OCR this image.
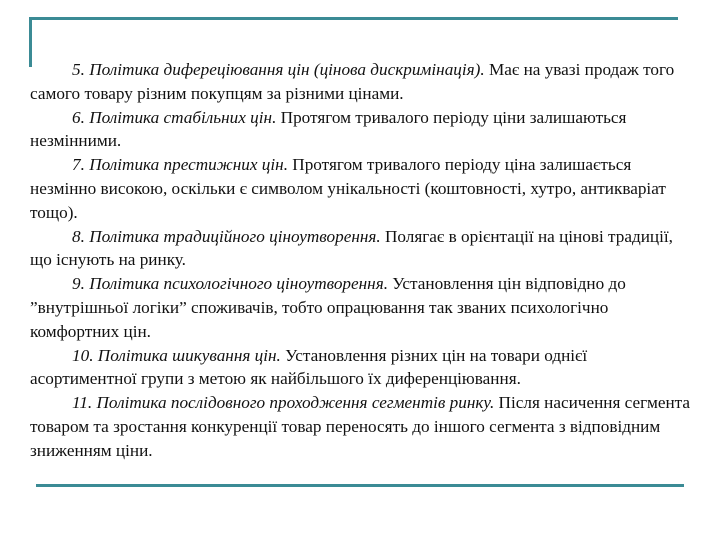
5. Політика дифереціювання цін (цінова дискримінація). Має на увазі продаж того самого товару різним покупцям за різними цінами.

6. Політика стабільних цін. Протягом тривалого періоду ціни залишаються незмінними.

7. Політика престижних цін. Протягом тривалого періоду ціна залишається незмінно високою, оскільки є символом унікальності (коштовності, хутро, антикваріат тощо).

8. Політика традиційного ціноутворення. Полягає в орієнтації на цінові традиції, що існують на ринку.

9. Політика психологічного ціноутворення. Установлення цін відповідно до ”внутрішньої логіки” споживачів, тобто опрацювання так званих психологічно комфортних цін.

10. Політика шикування цін. Установлення різних цін на товари однієї асортиментної групи з метою як найбільшого їх диференціювання.

11. Політика послідовного проходження сегментів ринку. Після насичення сегмента товаром та зростання конкуренції товар переносять до іншого сегмента з відповідним зниженням ціни.
